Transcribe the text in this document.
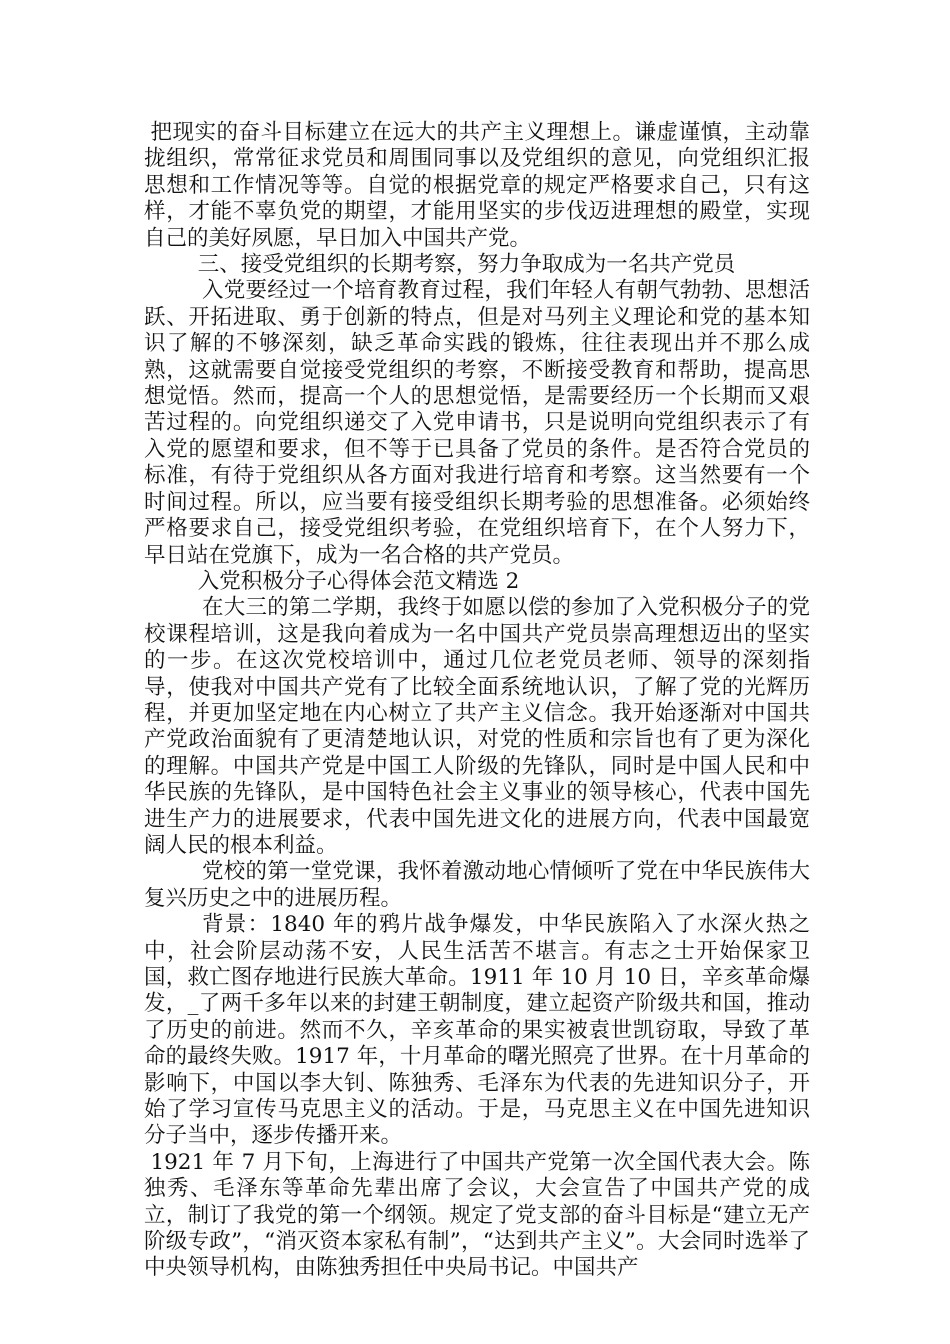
把现实的奋斗目标建立在远大的共产主义理想上。谦虚谨慎，主动靠拢组织，常常征求党员和周围同事以及党组织的意见，向党组织汇报思想和工作情况等等。自觉的根据党章的规定严格要求自己，只有这样，才能不辜负党的期望，才能用坚实的步伐迈进理想的殿堂，实现自己的美好夙愿，早日加入中国共产党。

三、接受党组织的长期考察，努力争取成为一名共产党员

入党要经过一个培育教育过程，我们年轻人有朝气勃勃、思想活跃、开拓进取、勇于创新的特点，但是对马列主义理论和党的基本知识了解的不够深刻，缺乏革命实践的锻炼，往往表现出并不那么成熟，这就需要自觉接受党组织的考察，不断接受教育和帮助，提高思想觉悟。然而，提高一个人的思想觉悟，是需要经历一个长期而又艰苦过程的。向党组织递交了入党申请书，只是说明向党组织表示了有入党的愿望和要求，但不等于已具备了党员的条件。是否符合党员的标准，有待于党组织从各方面对我进行培育和考察。这当然要有一个时间过程。所以，应当要有接受组织长期考验的思想准备。必须始终严格要求自己，接受党组织考验，在党组织培育下，在个人努力下，早日站在党旗下，成为一名合格的共产党员。

入党积极分子心得体会范文精选 2

在大三的第二学期，我终于如愿以偿的参加了入党积极分子的党校课程培训，这是我向着成为一名中国共产党员崇高理想迈出的坚实的一步。在这次党校培训中，通过几位老党员老师、领导的深刻指导，使我对中国共产党有了比较全面系统地认识，了解了党的光辉历程，并更加坚定地在内心树立了共产主义信念。我开始逐渐对中国共产党政治面貌有了更清楚地认识，对党的性质和宗旨也有了更为深化的理解。中国共产党是中国工人阶级的先锋队，同时是中国人民和中华民族的先锋队，是中国特色社会主义事业的领导核心，代表中国先进生产力的进展要求，代表中国先进文化的进展方向，代表中国最宽阔人民的根本利益。

党校的第一堂党课，我怀着激动地心情倾听了党在中华民族伟大复兴历史之中的进展历程。

背景：1840 年的鸦片战争爆发，中华民族陷入了水深火热之中，社会阶层动荡不安，人民生活苦不堪言。有志之士开始保家卫国，救亡图存地进行民族大革命。1911 年 10 月 10 日，辛亥革命爆发，_了两千多年以来的封建王朝制度，建立起资产阶级共和国，推动了历史的前进。然而不久，辛亥革命的果实被袁世凯窃取，导致了革命的最终失败。1917 年，十月革命的曙光照亮了世界。在十月革命的影响下，中国以李大钊、陈独秀、毛泽东为代表的先进知识分子，开始了学习宣传马克思主义的活动。于是，马克思主义在中国先进知识分子当中，逐步传播开来。

1921 年 7 月下旬，上海进行了中国共产党第一次全国代表大会。陈独秀、毛泽东等革命先辈出席了会议，大会宣告了中国共产党的成立，制订了我党的第一个纲领。规定了党支部的奋斗目标是“建立无产阶级专政”，“消灭资本家私有制”，“达到共产主义”。大会同时选举了中央领导机构，由陈独秀担任中央局书记。中国共产
